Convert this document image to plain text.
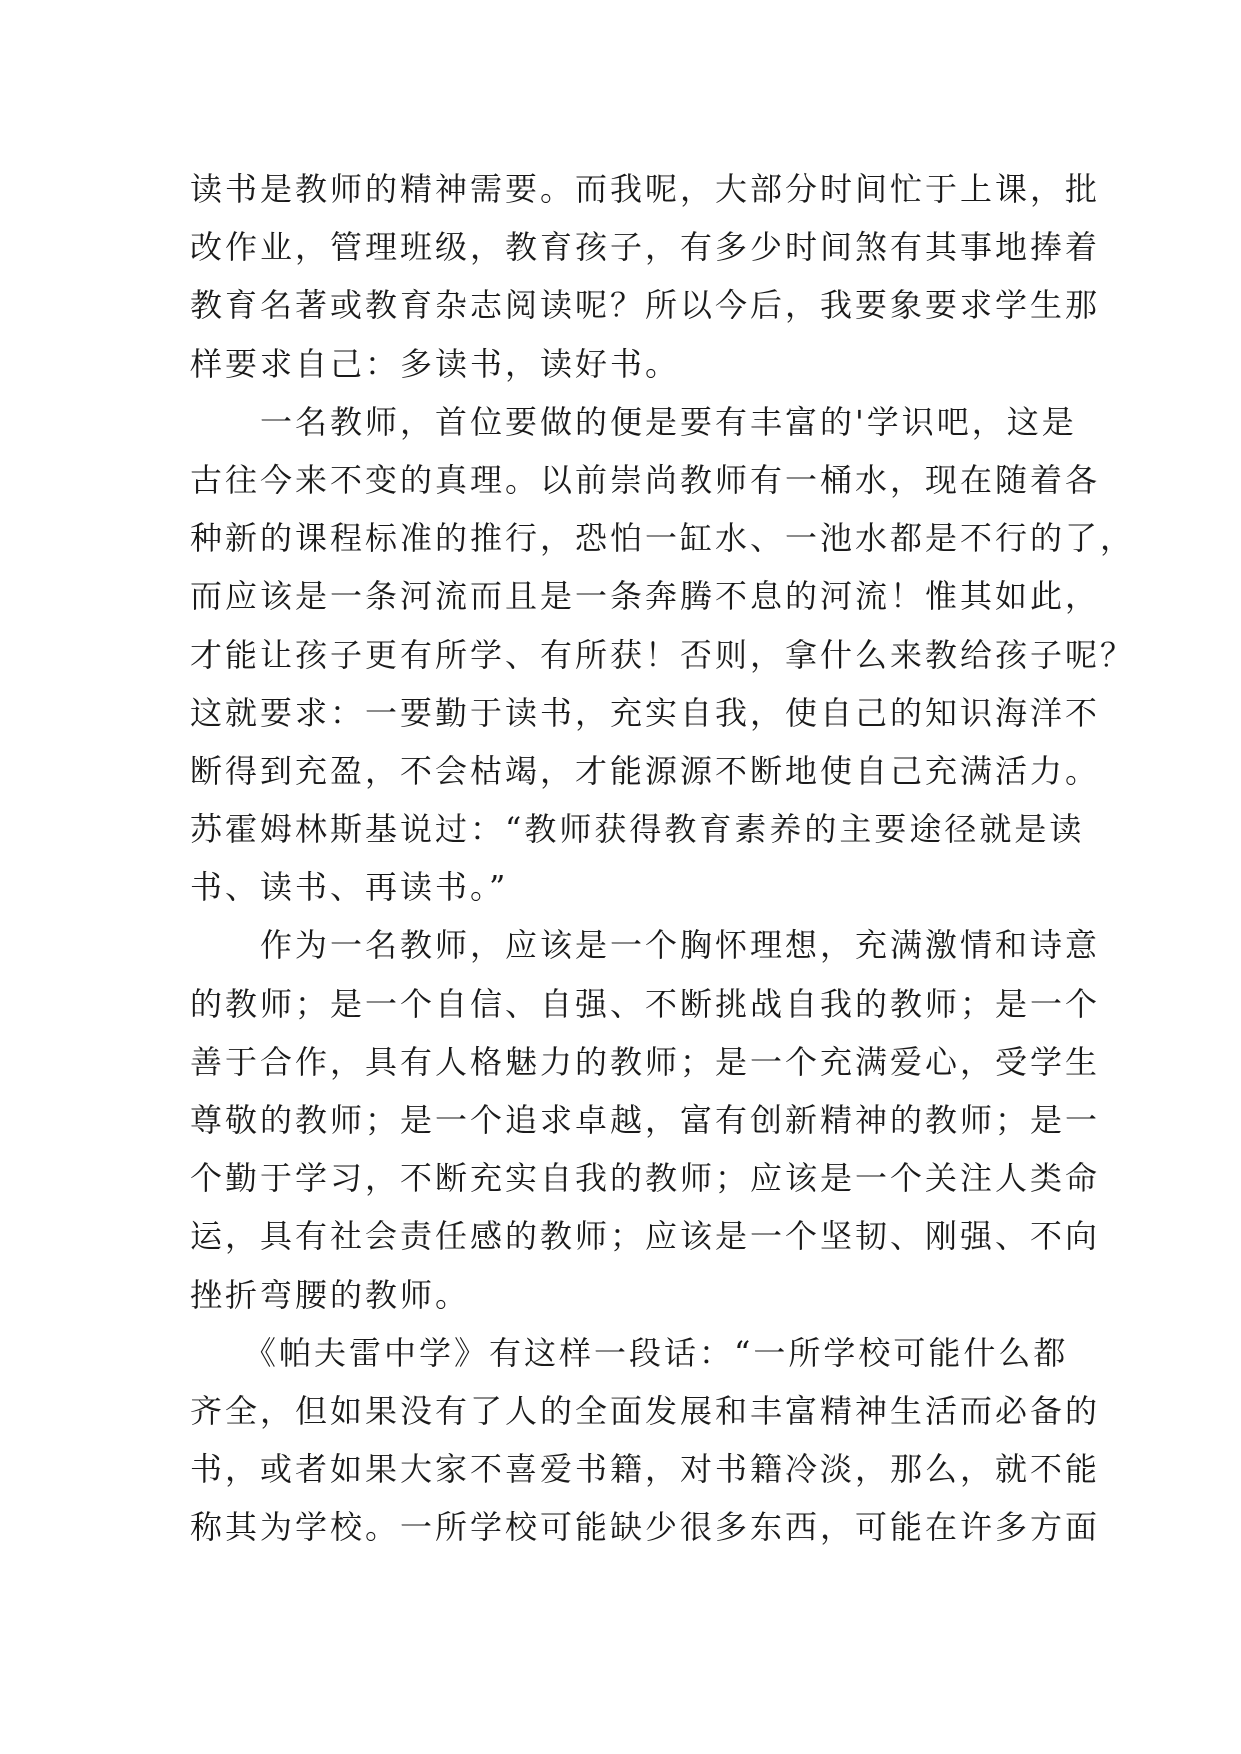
读书是教师的精神需要。而我呢，大部分时间忙于上课，批
改作业，管理班级，教育孩子，有多少时间煞有其事地捧着
教育名著或教育杂志阅读呢？所以今后，我要象要求学生那
样要求自己：多读书，读好书。
　　一名教师，首位要做的便是要有丰富的'学识吧，这是
古往今来不变的真理。以前崇尚教师有一桶水，现在随着各
种新的课程标准的推行，恐怕一缸水、一池水都是不行的了，
而应该是一条河流而且是一条奔腾不息的河流！惟其如此，
才能让孩子更有所学、有所获！否则，拿什么来教给孩子呢？
这就要求：一要勤于读书，充实自我，使自己的知识海洋不
断得到充盈，不会枯竭，才能源源不断地使自己充满活力。
苏霍姆林斯基说过：“教师获得教育素养的主要途径就是读
书、读书、再读书。”
　　作为一名教师，应该是一个胸怀理想，充满激情和诗意
的教师；是一个自信、自强、不断挑战自我的教师；是一个
善于合作，具有人格魅力的教师；是一个充满爱心，受学生
尊敬的教师；是一个追求卓越，富有创新精神的教师；是一
个勤于学习，不断充实自我的教师；应该是一个关注人类命
运，具有社会责任感的教师；应该是一个坚韧、刚强、不向
挫折弯腰的教师。
　　《帕夫雷中学》有这样一段话：“一所学校可能什么都
齐全，但如果没有了人的全面发展和丰富精神生活而必备的
书，或者如果大家不喜爱书籍，对书籍冷淡，那么，就不能
称其为学校。一所学校可能缺少很多东西，可能在许多方面
